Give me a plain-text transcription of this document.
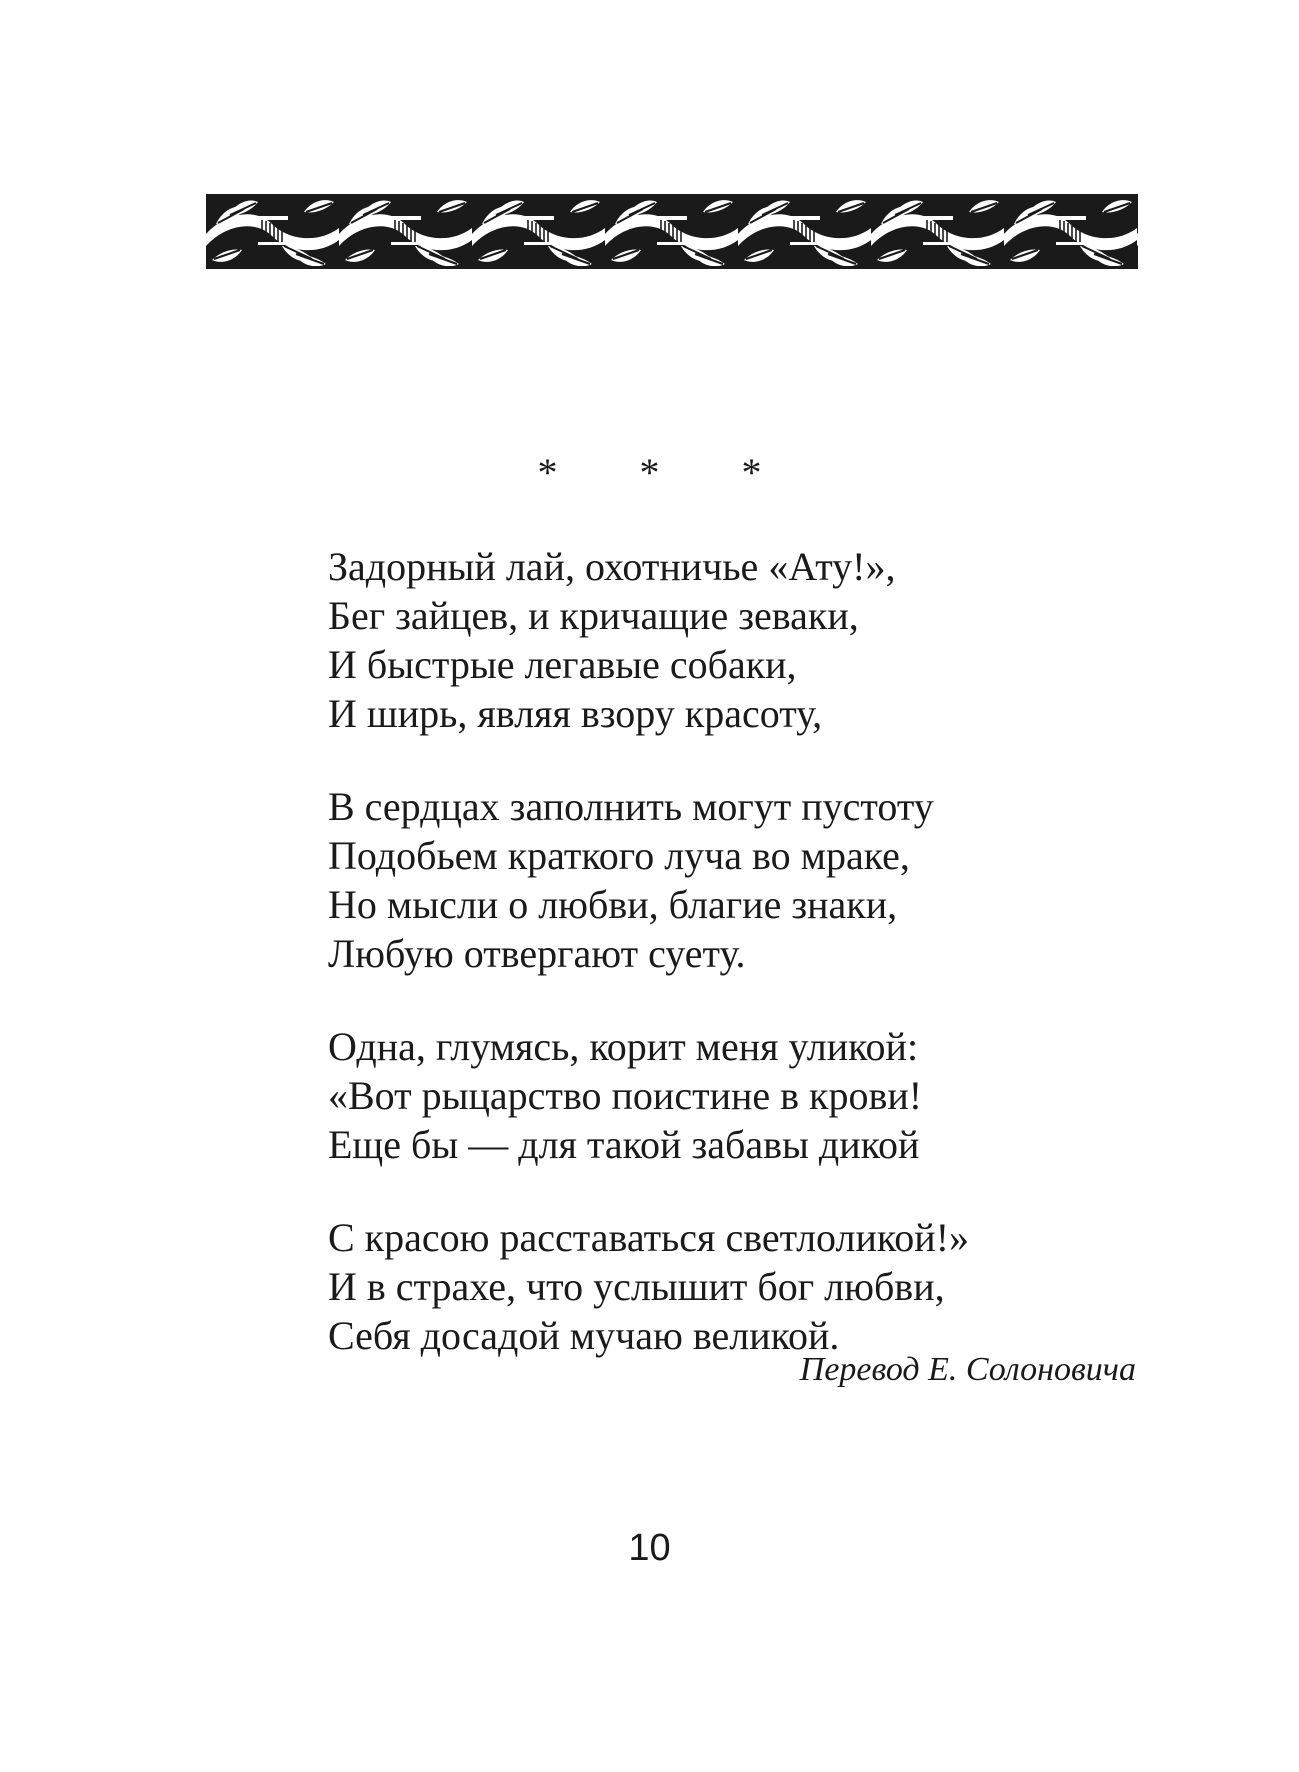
* * *
Задорный лай, охотничье «Ату!»,
Бег зайцев, и кричащие зеваки,
И быстрые легавые собаки,
И ширь, являя взору красоту,
В сердцах заполнить могут пустоту
Подобьем краткого луча во мраке,
Но мысли о любви, благие знаки,
Любую отвергают суету.
Одна, глумясь, корит меня уликой:
«Вот рыцарство поистине в крови!
Еще бы — для такой забавы дикой
С красою расставаться светлоликой!»
И в страхе, что услышит бог любви,
Себя досадой мучаю великой.
Перевод Е. Солоновича
10
